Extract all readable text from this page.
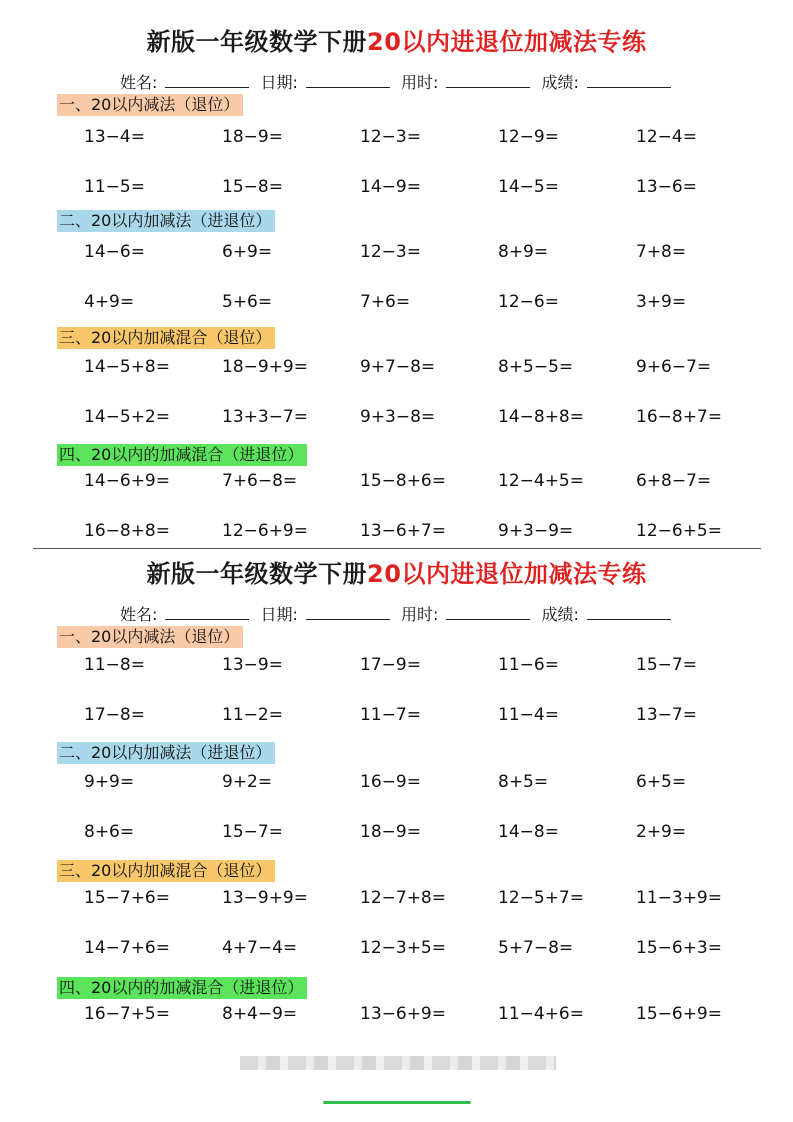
新版一年级数学下册20以内进退位加减法专练
姓名:	日期:	用时:	成绩:
一、20以内减法（退位）
13−4=	18−9=	12−3=	12−9=	12−4=
11−5=	15−8=	14−9=	14−5=	13−6=
二、20以内加减法（进退位）
14−6=	6+9=	12−3=	8+9=	7+8=
4+9=	5+6=	7+6=	12−6=	3+9=
三、20以内加减混合（退位）
14−5+8=	18−9+9=	9+7−8=	8+5−5=	9+6−7=
14−5+2=	13+3−7=	9+3−8=	14−8+8=	16−8+7=
四、20以内的加减混合（进退位）
14−6+9=	7+6−8=	15−8+6=	12−4+5=	6+8−7=
16−8+8=	12−6+9=	13−6+7=	9+3−9=	12−6+5=
新版一年级数学下册20以内进退位加减法专练
姓名:	日期:	用时:	成绩:
一、20以内减法（退位）
11−8=	13−9=	17−9=	11−6=	15−7=
17−8=	11−2=	11−7=	11−4=	13−7=
二、20以内加减法（进退位）
9+9=	9+2=	16−9=	8+5=	6+5=
8+6=	15−7=	18−9=	14−8=	2+9=
三、20以内加减混合（退位）
15−7+6=	13−9+9=	12−7+8=	12−5+7=	11−3+9=
14−7+6=	4+7−4=	12−3+5=	5+7−8=	15−6+3=
四、20以内的加减混合（进退位）
16−7+5=	8+4−9=	13−6+9=	11−4+6=	15−6+9=
